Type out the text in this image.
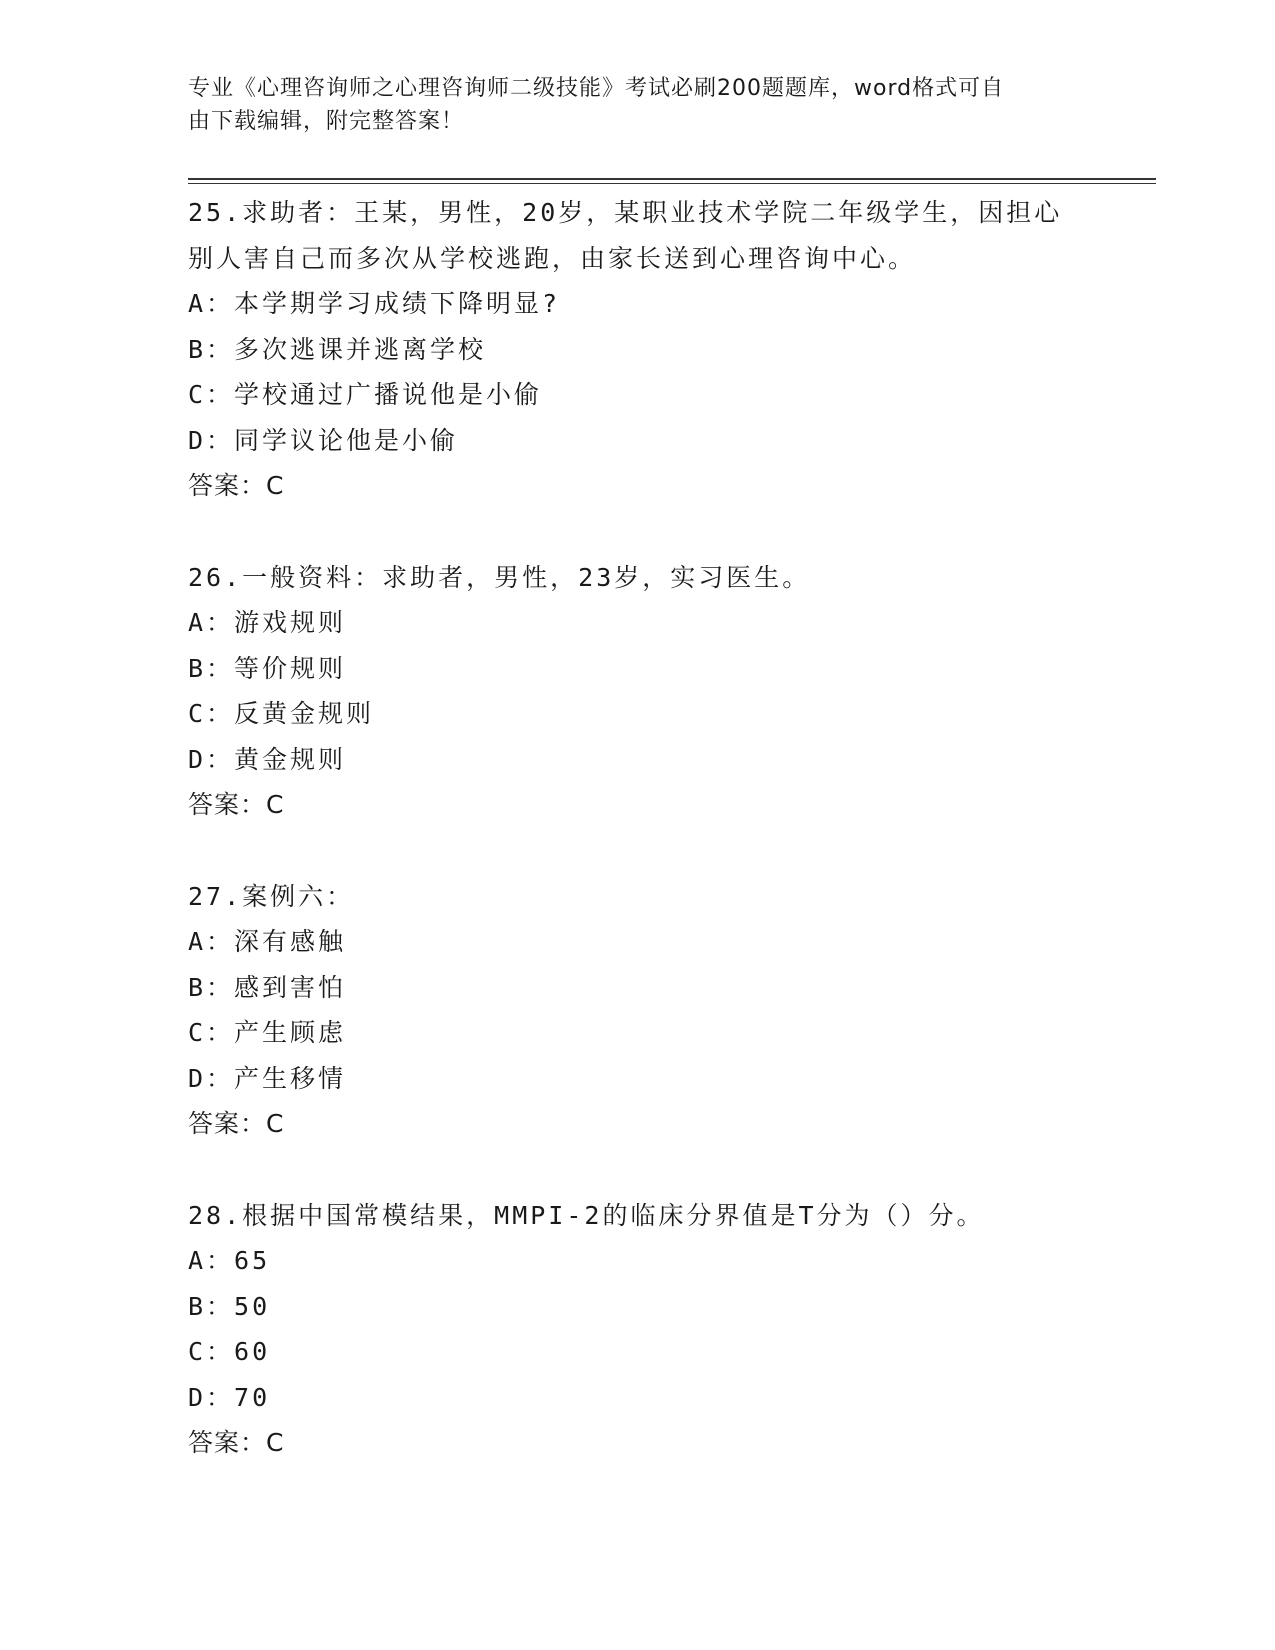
专业《心理咨询师之心理咨询师二级技能》考试必刷200题题库，word格式可自
由下载编辑，附完整答案！
25.求助者：王某，男性，20岁，某职业技术学院二年级学生，因担心
别人害自己而多次从学校逃跑，由家长送到心理咨询中心。
A：本学期学习成绩下降明显?
B：多次逃课并逃离学校
C：学校通过广播说他是小偷
D：同学议论他是小偷
答案：C
26.一般资料：求助者，男性，23岁，实习医生。
A：游戏规则
B：等价规则
C：反黄金规则
D：黄金规则
答案：C
27.案例六：
A：深有感触
B：感到害怕
C：产生顾虑
D：产生移情
答案：C
28.根据中国常模结果，MMPI-2的临床分界值是T分为（）分。
A：65
B：50
C：60
D：70
答案：C
